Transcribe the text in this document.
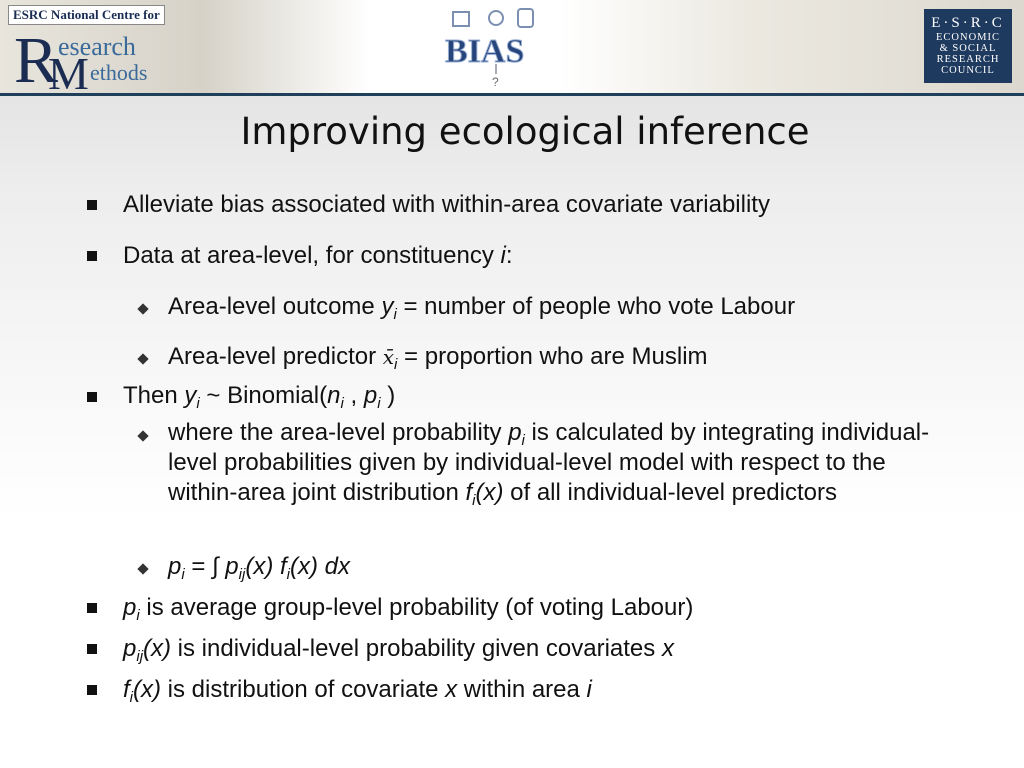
ESRC National Centre for
R esearch
M ethods
BIAS
?
E·S·R·C
ECONOMIC
& SOCIAL
RESEARCH
COUNCIL
Improving ecological inference
Alleviate bias associated with within-area covariate variability
Data at area-level, for constituency i:
Area-level outcome $y_i$ = number of people who vote Labour
Area-level predictor $x̄_i$ = proportion who are Muslim
Then $y_i$ ~ $Binomial(n_i$ , $p_i$ )
where the area-level probability $p_i$ is calculated by integrating individual-level probabilities given by individual-level model with respect to the within-area joint distribution $f_i(x)$ of all individual-level predictors
$p_i$ = ∫ $p_{ij}(x)$ $f_i(x)$ dx
$p_i$ is average group-level probability (of voting Labour)
$p_{ij}(x)$ is individual-level probability given covariates x
$f_i(x)$ is distribution of covariate x within area i
